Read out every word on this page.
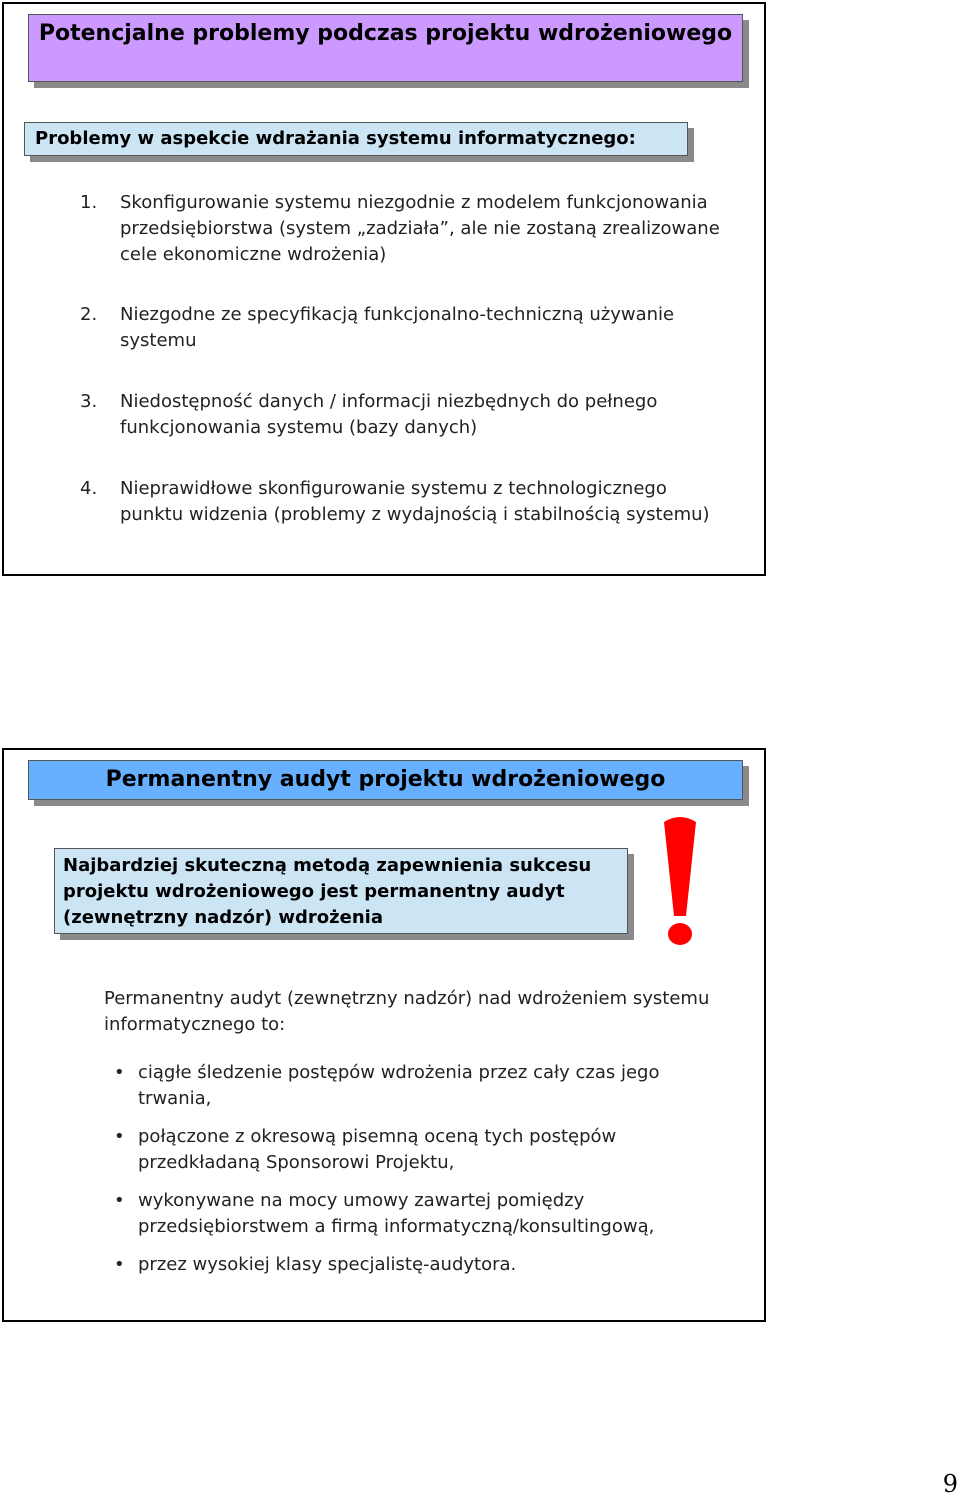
Potencjalne problemy podczas projektu wdrożeniowego
Problemy w aspekcie wdrażania systemu informatycznego:
1. Skonfigurowanie systemu niezgodnie z modelem funkcjonowania przedsiębiorstwa (system „zadziała”, ale nie zostaną zrealizowane cele ekonomiczne wdrożenia)
2. Niezgodne ze specyfikacją funkcjonalno-techniczną używanie systemu
3. Niedostępność danych / informacji niezbędnych do pełnego funkcjonowania systemu (bazy danych)
4. Nieprawidłowe skonfigurowanie systemu z technologicznego punktu widzenia (problemy z wydajnością i stabilnością systemu)
Permanentny audyt projektu wdrożeniowego
Najbardziej skuteczną metodą zapewnienia sukcesu projektu wdrożeniowego jest permanentny audyt (zewnętrzny nadzór) wdrożenia

Permanentny audyt (zewnętrzny nadzór) nad wdrożeniem systemu informatycznego to:

• ciągłe śledzenie postępów wdrożenia przez cały czas jego trwania,
• połączone z okresową pisemną oceną tych postępów przedkładaną Sponsorowi Projektu,
• wykonywane na mocy umowy zawartej pomiędzy przedsiębiorstwem a firmą informatyczną/konsultingową,
• przez wysokiej klasy specjalistę-audytora.
9
